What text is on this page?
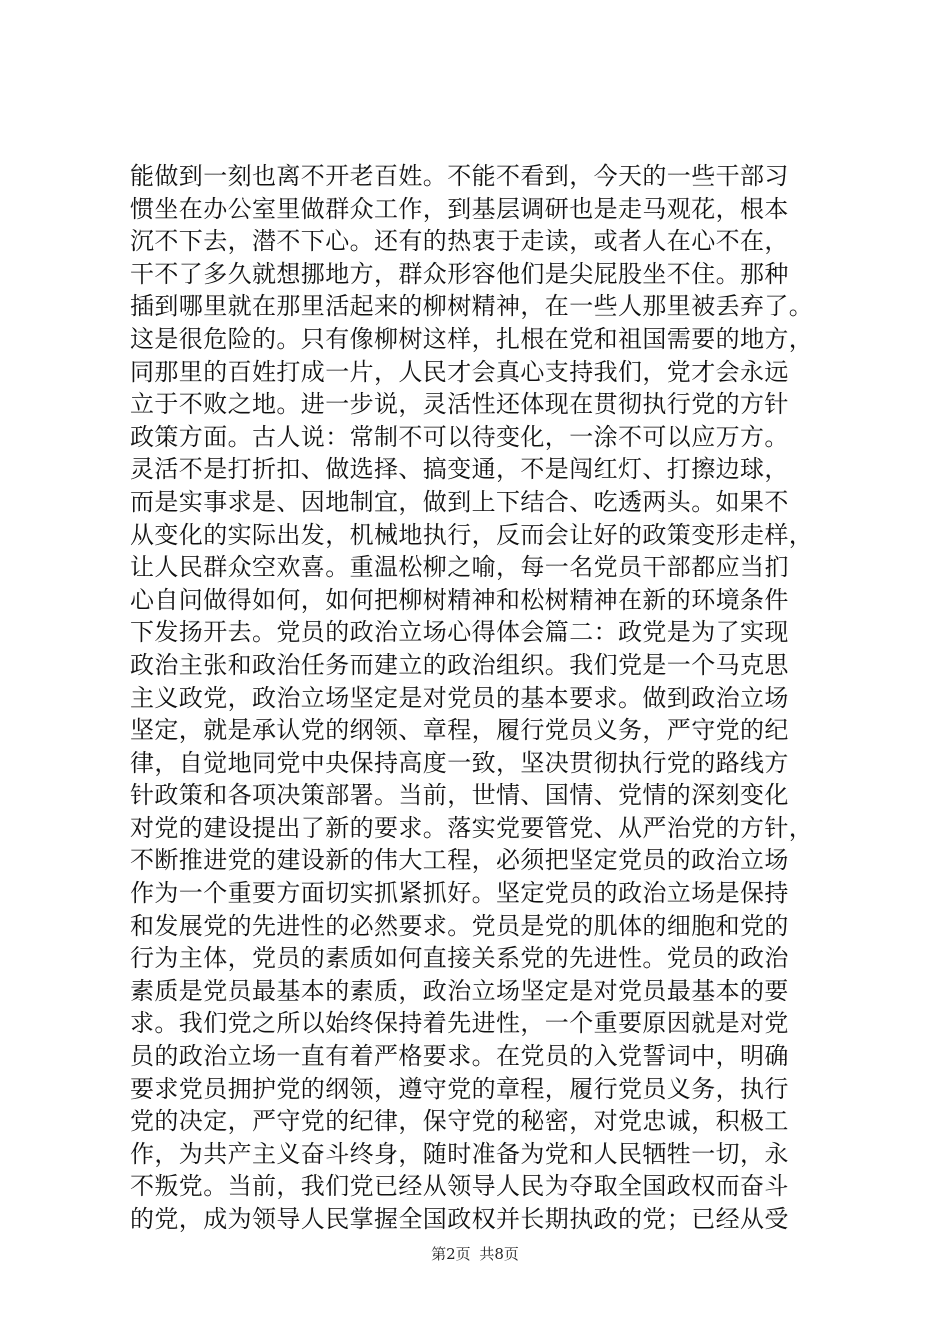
能做到一刻也离不开老百姓。不能不看到，今天的一些干部习
惯坐在办公室里做群众工作，到基层调研也是走马观花，根本
沉不下去，潜不下心。还有的热衷于走读，或者人在心不在，
干不了多久就想挪地方，群众形容他们是尖屁股坐不住。那种
插到哪里就在那里活起来的柳树精神，在一些人那里被丢弃了。
这是很危险的。只有像柳树这样，扎根在党和祖国需要的地方，
同那里的百姓打成一片，人民才会真心支持我们，党才会永远
立于不败之地。进一步说，灵活性还体现在贯彻执行党的方针
政策方面。古人说：常制不可以待变化，一涂不可以应万方。
灵活不是打折扣、做选择、搞变通，不是闯红灯、打擦边球，
而是实事求是、因地制宜，做到上下结合、吃透两头。如果不
从变化的实际出发，机械地执行，反而会让好的政策变形走样，
让人民群众空欢喜。重温松柳之喻，每一名党员干部都应当扪
心自问做得如何，如何把柳树精神和松树精神在新的环境条件
下发扬开去。党员的政治立场心得体会篇二：政党是为了实现
政治主张和政治任务而建立的政治组织。我们党是一个马克思
主义政党，政治立场坚定是对党员的基本要求。做到政治立场
坚定，就是承认党的纲领、章程，履行党员义务，严守党的纪
律，自觉地同党中央保持高度一致，坚决贯彻执行党的路线方
针政策和各项决策部署。当前，世情、国情、党情的深刻变化
对党的建设提出了新的要求。落实党要管党、从严治党的方针，
不断推进党的建设新的伟大工程，必须把坚定党员的政治立场
作为一个重要方面切实抓紧抓好。坚定党员的政治立场是保持
和发展党的先进性的必然要求。党员是党的肌体的细胞和党的
行为主体，党员的素质如何直接关系党的先进性。党员的政治
素质是党员最基本的素质，政治立场坚定是对党员最基本的要
求。我们党之所以始终保持着先进性，一个重要原因就是对党
员的政治立场一直有着严格要求。在党员的入党誓词中，明确
要求党员拥护党的纲领，遵守党的章程，履行党员义务，执行
党的决定，严守党的纪律，保守党的秘密，对党忠诚，积极工
作，为共产主义奋斗终身，随时准备为党和人民牺牲一切，永
不叛党。当前，我们党已经从领导人民为夺取全国政权而奋斗
的党，成为领导人民掌握全国政权并长期执政的党；已经从受
第2页 共8页
